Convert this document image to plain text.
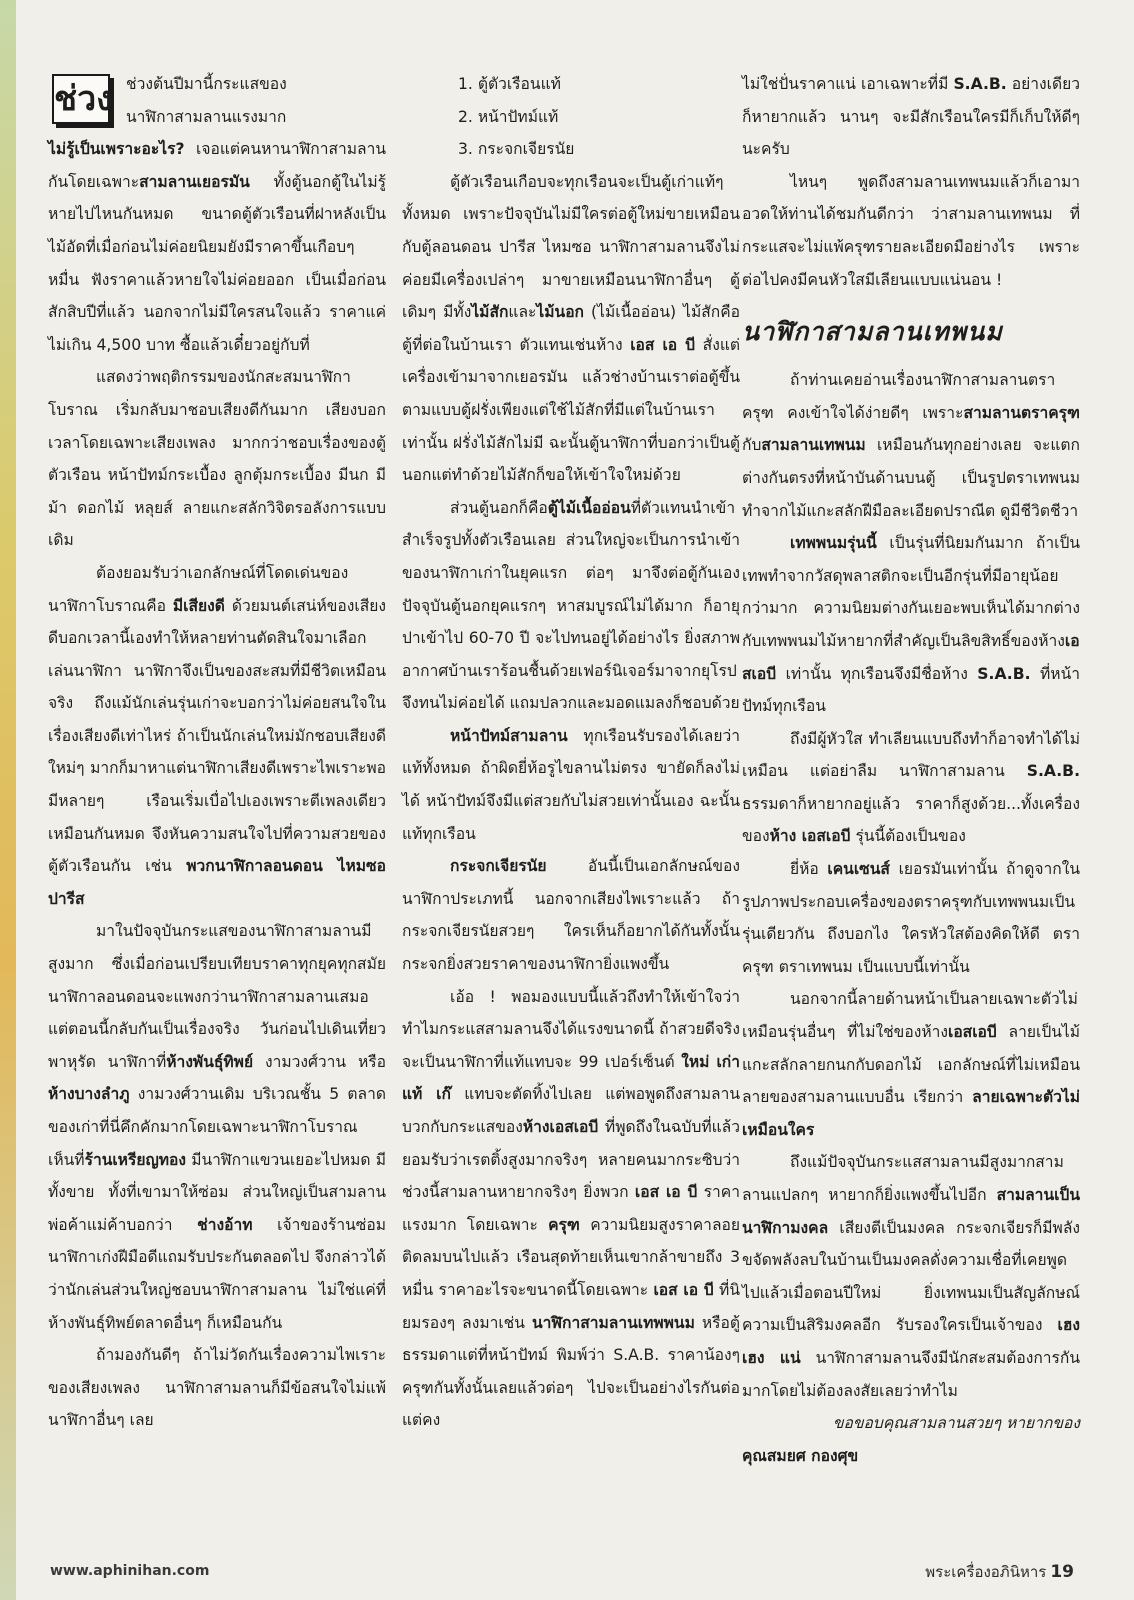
ช่วง ช่วงต้นปีมานี้กระแสของ
นาฬิกาสามลานแรงมาก
ไม่รู้เป็นเพราะอะไร? เจอแต่คนหานาฬิกาสามลานกันโดยเฉพาะสามลานเยอรมัน ทั้งตู้นอกตู้ในไม่รู้หายไปไหนกันหมด ขนาดตู้ตัวเรือนที่ฝาหลังเป็นไม้อัดที่เมื่อก่อนไม่ค่อยนิยมยังมีราคาขึ้นเกือบๆ หมื่น ฟังราคาแล้วหายใจไม่ค่อยออก เป็นเมื่อก่อนสักสิบปีที่แล้ว นอกจากไม่มีใครสนใจแล้ว ราคาแค่ไม่เกิน 4,500 บาท ซื้อแล้วเดี๋ยวอยู่กับที่

แสดงว่าพฤติกรรมของนักสะสมนาฬิกาโบราณ เริ่มกลับมาชอบเสียงดีกันมาก เสียงบอกเวลาโดยเฉพาะเสียงเพลง มากกว่าชอบเรื่องของตู้ตัวเรือน หน้าปัทม์กระเบื้อง ลูกตุ้มกระเบื้อง มีนก มีม้า ดอกไม้ หลุยส์ ลายแกะสลักวิจิตรอลังการแบบเดิม

ต้องยอมรับว่าเอกลักษณ์ที่โดดเด่นของนาฬิกาโบราณคือ มีเสียงดี ด้วยมนต์เสน่ห์ของเสียงดีบอกเวลานี้เองทำให้หลายท่านตัดสินใจมาเลือกเล่นนาฬิกา นาฬิกาจึงเป็นของสะสมที่มีชีวิตเหมือนจริง ถึงแม้นักเล่นรุ่นเก่าจะบอกว่าไม่ค่อยสนใจในเรื่องเสียงดีเท่าไหร่ ถ้าเป็นนักเล่นใหม่มักชอบเสียงดี ใหม่ๆ มากก็มาหาแต่นาฬิกาเสียงดีเพราะไพเราะพอมีหลายๆ เรือนเริ่มเบื่อไปเองเพราะตีเพลงเดียวเหมือนกันหมด จึงหันความสนใจไปที่ความสวยของตู้ตัวเรือนกัน เช่น พวกนาฬิกาลอนดอน ไหมซอ ปารีส

มาในปัจจุบันกระแสของนาฬิกาสามลานมีสูงมาก ซึ่งเมื่อก่อนเปรียบเทียบราคาทุกยุคทุกสมัย นาฬิกาลอนดอนจะแพงกว่านาฬิกาสามลานเสมอ แต่ตอนนี้กลับกันเป็นเรื่องจริง วันก่อนไปเดินเที่ยวพาหุรัด นาฬิกาที่ห้างพันธุ์ทิพย์ งามวงศ์วาน หรือห้างบางลำภู งามวงศ์วานเดิม บริเวณชั้น 5 ตลาดของเก่าที่นี่คึกคักมากโดยเฉพาะนาฬิกาโบราณ เห็นที่ร้านเหรียญทอง มีนาฬิกาแขวนเยอะไปหมด มีทั้งขาย ทั้งที่เขามาให้ซ่อม ส่วนใหญ่เป็นสามลาน พ่อค้าแม่ค้าบอกว่า ช่างอ้าท เจ้าของร้านซ่อมนาฬิกาเก่งฝีมือดีแถมรับประกันตลอดไป จึงกล่าวได้ว่านักเล่นส่วนใหญ่ชอบนาฬิกาสามลาน ไม่ใช่แค่ที่ห้างพันธุ์ทิพย์ตลาดอื่นๆ ก็เหมือนกัน

ถ้ามองกันดีๆ ถ้าไม่วัดกันเรื่องความไพเราะของเสียงเพลง นาฬิกาสามลานก็มีข้อสนใจไม่แพ้นาฬิกาอื่นๆ เลย

1. ตู้ตัวเรือนแท้
2. หน้าปัทม์แท้
3. กระจกเจียรนัย

ตู้ตัวเรือนเกือบจะทุกเรือนจะเป็นตู้เก่าแท้ๆ ทั้งหมด เพราะปัจจุบันไม่มีใครต่อตู้ใหม่ขายเหมือนกับตู้ลอนดอน ปารีส ไหมซอ นาฬิกาสามลานจึงไม่ค่อยมีเครื่องเปล่าๆ มาขายเหมือนนาฬิกาอื่นๆ ตู้เดิมๆ มีทั้งไม้สักและไม้นอก (ไม้เนื้ออ่อน) ไม้สักคือ ตู้ที่ต่อในบ้านเรา ตัวแทนเช่นห้าง เอส เอ บี สั่งแต่เครื่องเข้ามาจากเยอรมัน แล้วช่างบ้านเราต่อตู้ขึ้นตามแบบตู้ฝรั่งเพียงแต่ใช้ไม้สักที่มีแต่ในบ้านเราเท่านั้น ฝรั่งไม้สักไม่มี ฉะนั้นตู้นาฬิกาที่บอกว่าเป็นตู้นอกแต่ทำด้วยไม้สักก็ขอให้เข้าใจใหม่ด้วย

ส่วนตู้นอกก็คือตู้ไม้เนื้ออ่อนที่ตัวแทนนำเข้าสำเร็จรูปทั้งตัวเรือนเลย ส่วนใหญ่จะเป็นการนำเข้าของนาฬิกาเก่าในยุคแรก ต่อๆ มาจึงต่อตู้กันเอง ปัจจุบันตู้นอกยุคแรกๆ หาสมบูรณ์ไม่ได้มาก ก็อายุปาเข้าไป 60-70 ปี จะไปทนอยู่ได้อย่างไร ยิ่งสภาพอากาศบ้านเราร้อนชื้นด้วยเฟอร์นิเจอร์มาจากยุโรปจึงทนไม่ค่อยได้ แถมปลวกและมอดแมลงก็ชอบด้วย

หน้าปัทม์สามลาน ทุกเรือนรับรองได้เลยว่าแท้ทั้งหมด ถ้าผิดยี่ห้อรูไขลานไม่ตรง ขายัดก็ลงไม่ได้ หน้าปัทม์จึงมีแต่สวยกับไม่สวยเท่านั้นเอง ฉะนั้นแท้ทุกเรือน

กระจกเจียรนัย อันนี้เป็นเอกลักษณ์ของนาฬิกาประเภทนี้ นอกจากเสียงไพเราะแล้ว ถ้ากระจกเจียรนัยสวยๆ ใครเห็นก็อยากได้กันทั้งนั้น กระจกยิ่งสวยราคาของนาฬิกายิ่งแพงขึ้น

เอ้อ ! พอมองแบบนี้แล้วถึงทำให้เข้าใจว่าทำไมกระแสสามลานจึงได้แรงขนาดนี้ ถ้าสวยดีจริงจะเป็นนาฬิกาที่แท้แทบจะ 99 เปอร์เซ็นต์ ใหม่ เก่า แท้ เก๊ แทบจะตัดทิ้งไปเลย แต่พอพูดถึงสามลาน บวกกับกระแสของห้างเอสเอบี ที่พูดถึงในฉบับที่แล้วยอมรับว่าเรตติ้งสูงมากจริงๆ หลายคนมากระซิบว่า ช่วงนี้สามลานหายากจริงๆ ยิ่งพวก เอส เอ บี ราคาแรงมาก โดยเฉพาะ ครุฑ ความนิยมสูงราคาลอยติดลมบนไปแล้ว เรือนสุดท้ายเห็นเขากล้าขายถึง 3 หมื่น ราคาอะไรจะขนาดนี้โดยเฉพาะ เอส เอ บี ที่นิยมรองๆ ลงมาเช่น นาฬิกาสามลานเทพพนม หรือตู้ธรรมดาแต่ที่หน้าปัทม์ พิมพ์ว่า S.A.B. ราคาน้องๆ ครุฑกันทั้งนั้นเลยแล้วต่อๆ ไปจะเป็นอย่างไรกันต่อแต่คง

ไม่ใช่ปั่นราคาแน่ เอาเฉพาะที่มี S.A.B. อย่างเดียวก็หายากแล้ว นานๆ จะมีสักเรือนใครมีก็เก็บให้ดีๆ นะครับ

ไหนๆ พูดถึงสามลานเทพนมแล้วก็เอามาอวดให้ท่านได้ชมกันดีกว่า ว่าสามลานเทพนม ที่กระแสจะไม่แพ้ครุฑรายละเอียดมือย่างไร เพราะต่อไปคงมีคนหัวใสมีเลียนแบบแน่นอน !

นาฬิกาสามลานเทพนม

ถ้าท่านเคยอ่านเรื่องนาฬิกาสามลานตราครุฑ คงเข้าใจได้ง่ายดีๆ เพราะสามลานตราครุฑ กับสามลานเทพนม เหมือนกันทุกอย่างเลย จะแตกต่างกันตรงที่หน้าบันด้านบนตู้ เป็นรูปตราเทพนม ทำจากไม้แกะสลักฝีมือละเอียดปราณีต ดูมีชีวิตชีวา

เทพพนมรุ่นนี้ เป็นรุ่นที่นิยมกันมาก ถ้าเป็นเทพทำจากวัสดุพลาสติกจะเป็นอีกรุ่นที่มีอายุน้อยกว่ามาก ความนิยมต่างกันเยอะพบเห็นได้มากต่างกับเทพพนมไม้หายากที่สำคัญเป็นลิขสิทธิ์ของห้างเอสเอบี เท่านั้น ทุกเรือนจึงมีชื่อห้าง S.A.B. ที่หน้าปัทม์ทุกเรือน

ถึงมีผู้หัวใส ทำเลียนแบบถึงทำก็อาจทำได้ไม่เหมือน แต่อย่าลืม นาฬิกาสามลาน S.A.B. ธรรมดาก็หายากอยู่แล้ว ราคาก็สูงด้วย...ทั้งเครื่องของห้าง เอสเอบี รุ่นนี้ต้องเป็นของ

ยี่ห้อ เคนเซนส์ เยอรมันเท่านั้น ถ้าดูจากในรูปภาพประกอบเครื่องของตราครุฑกับเทพพนมเป็นรุ่นเดียวกัน ถึงบอกไง ใครหัวใสต้องคิดให้ดี ตราครุฑ ตราเทพนม เป็นแบบนี้เท่านั้น

นอกจากนี้ลายด้านหน้าเป็นลายเฉพาะตัวไม่เหมือนรุ่นอื่นๆ ที่ไม่ใช่ของห้างเอสเอบี ลายเป็นไม้แกะสลักลายกนกกับดอกไม้ เอกลักษณ์ที่ไม่เหมือนลายของสามลานแบบอื่น เรียกว่า ลายเฉพาะตัวไม่เหมือนใคร

ถึงแม้ปัจจุบันกระแสสามลานมีสูงมากสามลานแปลกๆ หายากก็ยิ่งแพงขึ้นไปอีก สามลานเป็นนาฬิกามงคล เสียงตีเป็นมงคล กระจกเจียรก็มีพลังขจัดพลังลบในบ้านเป็นมงคลดั่งความเชื่อที่เคยพูดไปแล้วเมื่อตอนปีใหม่ ยิ่งเทพนมเป็นสัญลักษณ์ความเป็นสิริมงคลอีก รับรองใครเป็นเจ้าของ เฮง เฮง แน่ นาฬิกาสามลานจึงมีนักสะสมต้องการกันมากโดยไม่ต้องลงสัยเลยว่าทำไม

ขอขอบคุณสามลานสวยๆ หายากของ

คุณสมยศ กองศุข

www.aphinihan.com	พระเครื่องอภินิหาร 19
